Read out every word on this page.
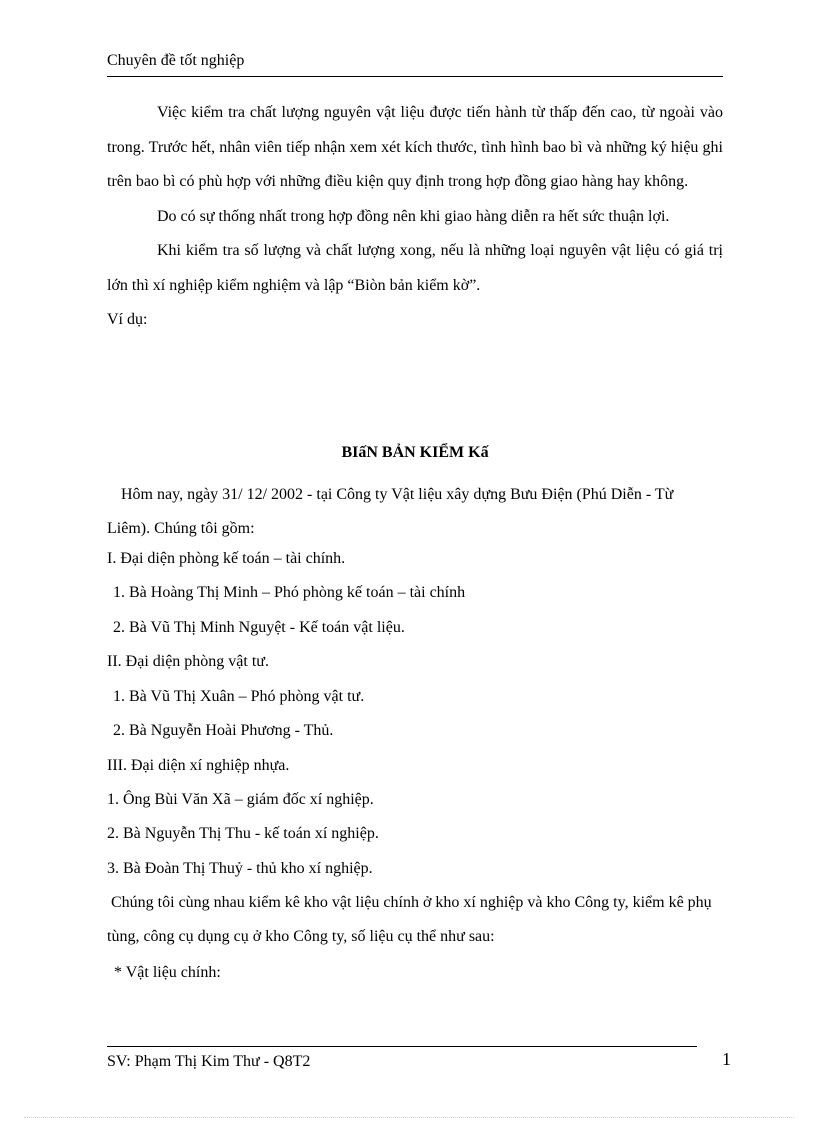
Chuyên đề tốt nghiệp

Việc kiểm tra chất lượng nguyên vật liệu được tiến hành từ thấp đến cao, từ ngoài vào trong. Trước hết, nhân viên tiếp nhận xem xét kích thước, tình hình bao bì và những ký hiệu ghi trên bao bì có phù hợp với những điều kiện quy định trong hợp đồng giao hàng hay không.

Do có sự thống nhất trong hợp đồng nên khi giao hàng diễn ra hết sức thuận lợi.

Khi kiểm tra số lượng và chất lượng xong, nếu là những loại nguyên vật liệu có giá trị lớn thì xí nghiệp kiểm nghiệm và lập “Biòn bản kiểm kờ”.

Ví dụ:

BIấN BẢN KIỂM Kấ
Hôm nay, ngày 31/ 12/ 2002 - tại Công ty Vật liệu xây dựng Bưu Điện (Phú Diễn - Từ Liêm). Chúng tôi gồm:
I. Đại diện phòng kế toán – tài chính.
1. Bà Hoàng Thị Minh – Phó phòng kế toán – tài chính
2. Bà Vũ Thị Minh Nguyệt - Kế toán vật liệu.
II. Đại diện phòng vật tư.
1. Bà Vũ Thị Xuân – Phó phòng vật tư.
2. Bà Nguyễn Hoài Phương - Thủ.
III. Đại diện xí nghiệp nhựa.
1. Ông Bùi Văn Xã – giám đốc xí nghiệp.
2. Bà Nguyễn Thị Thu - kế toán xí nghiệp.
3. Bà Đoàn Thị Thuỷ - thủ kho xí nghiệp.
Chúng tôi cùng nhau kiểm kê kho vật liệu chính ở kho xí nghiệp và kho Công ty, kiểm kê phụ tùng, công cụ dụng cụ ở kho Công ty, số liệu cụ thể như sau:
* Vật liệu chính:
SV: Phạm Thị Kim Thư - Q8T2	1
